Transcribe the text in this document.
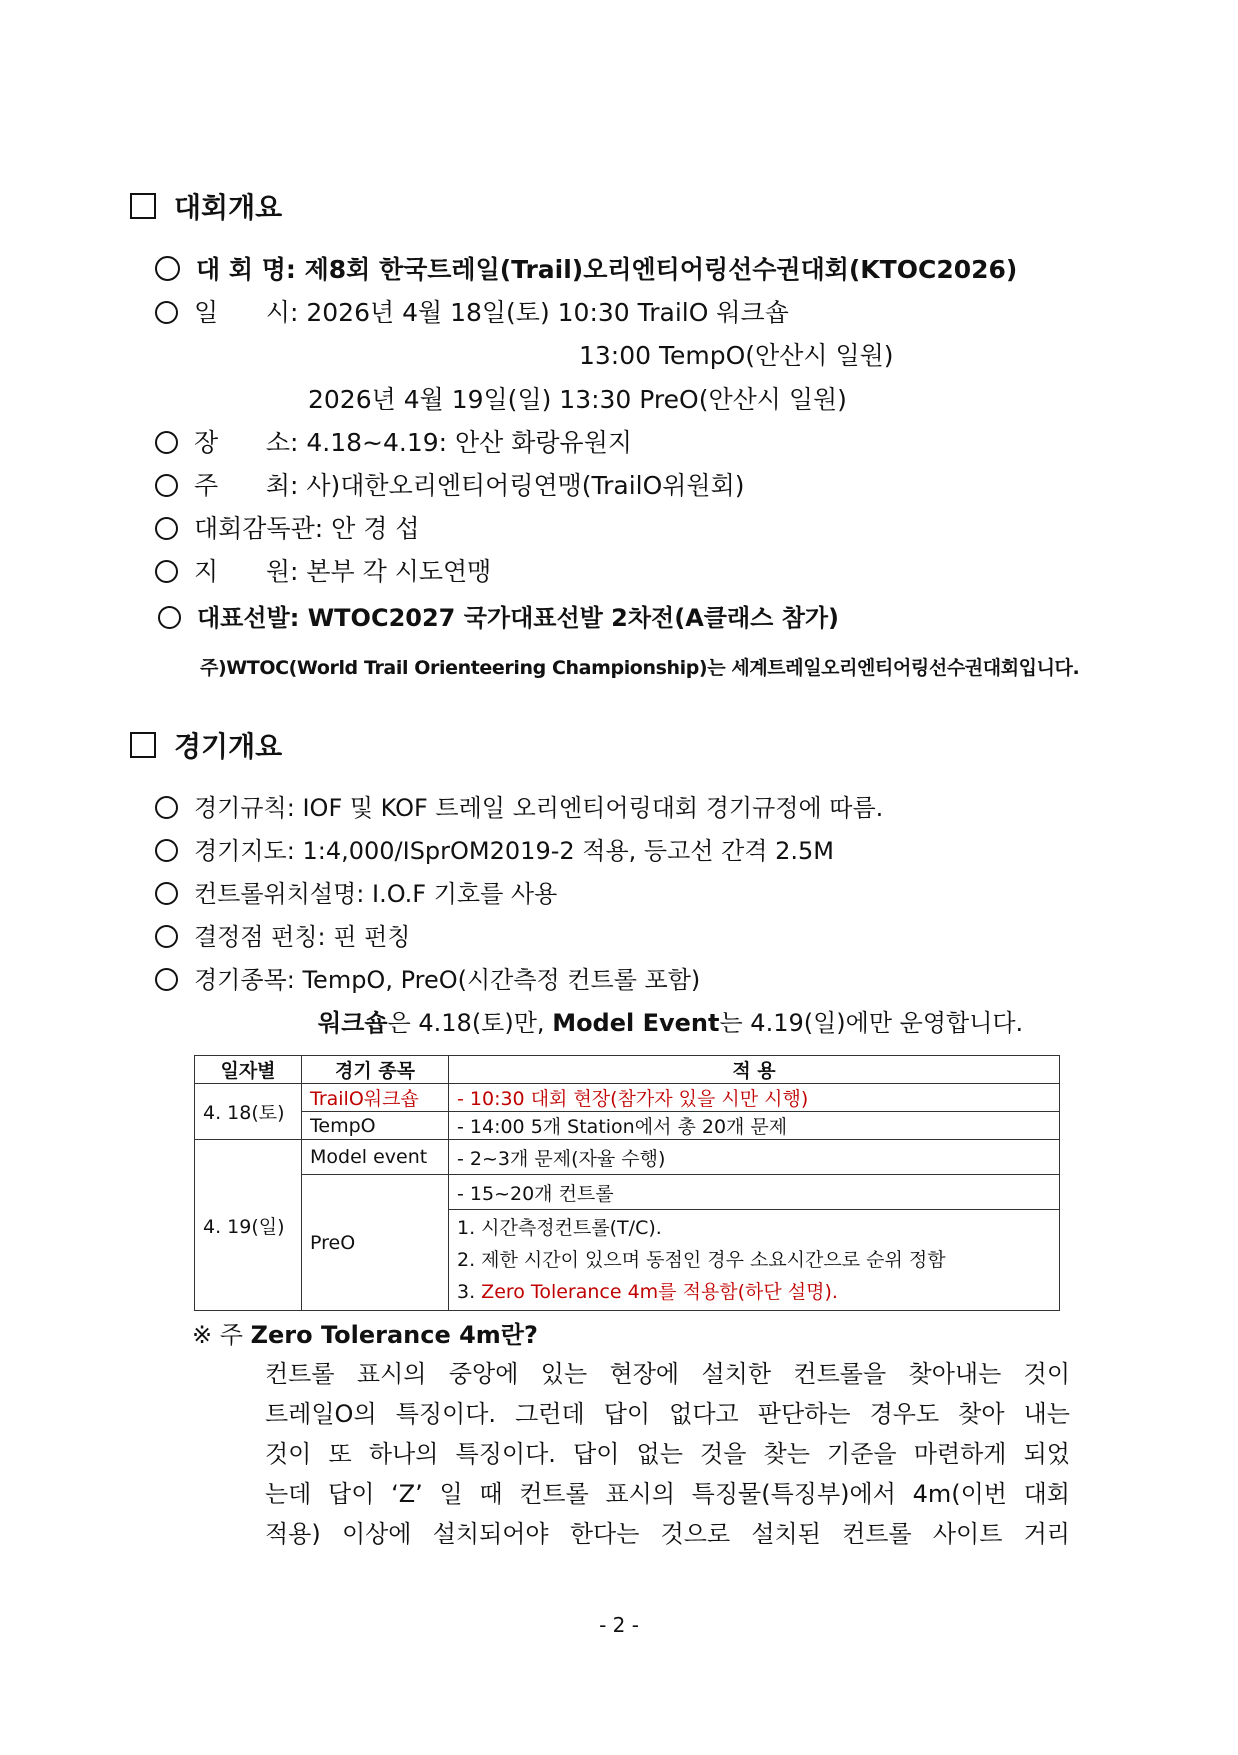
대회개요
대 회 명: 제8회 한국트레일(Trail)오리엔티어링선수권대회(KTOC2026)
일      시: 2026년 4월 18일(토) 10:30 TrailO 워크숍
13:00 TempO(안산시 일원)
2026년 4월 19일(일) 13:30 PreO(안산시 일원)
장      소: 4.18~4.19: 안산 화랑유원지
주      최: 사)대한오리엔티어링연맹(TrailO위원회)
대회감독관: 안 경 섭
지      원: 본부 각 시도연맹
대표선발: WTOC2027 국가대표선발 2차전(A클래스 참가)
주)WTOC(World Trail Orienteering Championship)는 세계트레일오리엔티어링선수권대회입니다.
경기개요
경기규칙: IOF 및 KOF 트레일 오리엔티어링대회 경기규정에 따름.
경기지도: 1:4,000/ISprOM2019-2 적용, 등고선 간격 2.5M
컨트롤위치설명: I.O.F 기호를 사용
결정점 펀칭: 핀 펀칭
경기종목: TempO, PreO(시간측정 컨트롤 포함)
워크숍은 4.18(토)만, Model Event는 4.19(일)에만 운영합니다.
일자별	경기 종목	적 용
4. 18(토)	TrailO워크숍	- 10:30 대회 현장(참가자 있을 시만 시행)
	TempO	- 14:00 5개 Station에서 총 20개 문제
4. 19(일)	Model event	- 2~3개 문제(자율 수행)
	PreO	- 15~20개 컨트롤

		1. 시간측정컨트롤(T/C).
2. 제한 시간이 있으며 동점인 경우 소요시간으로 순위 정함
3. Zero Tolerance 4m를 적용함(하단 설명).
※ 주 Zero Tolerance 4m란?
컨트롤 표시의 중앙에 있는 현장에 설치한 컨트롤을 찾아내는 것이
트레일O의 특징이다. 그런데 답이 없다고 판단하는 경우도 찾아 내는
것이 또 하나의 특징이다. 답이 없는 것을 찾는 기준을 마련하게 되었
는데 답이 ‘Z’ 일 때 컨트롤 표시의 특징물(특징부)에서 4m(이번 대회
적용) 이상에 설치되어야 한다는 것으로 설치된 컨트롤 사이트 거리
- 2 -
